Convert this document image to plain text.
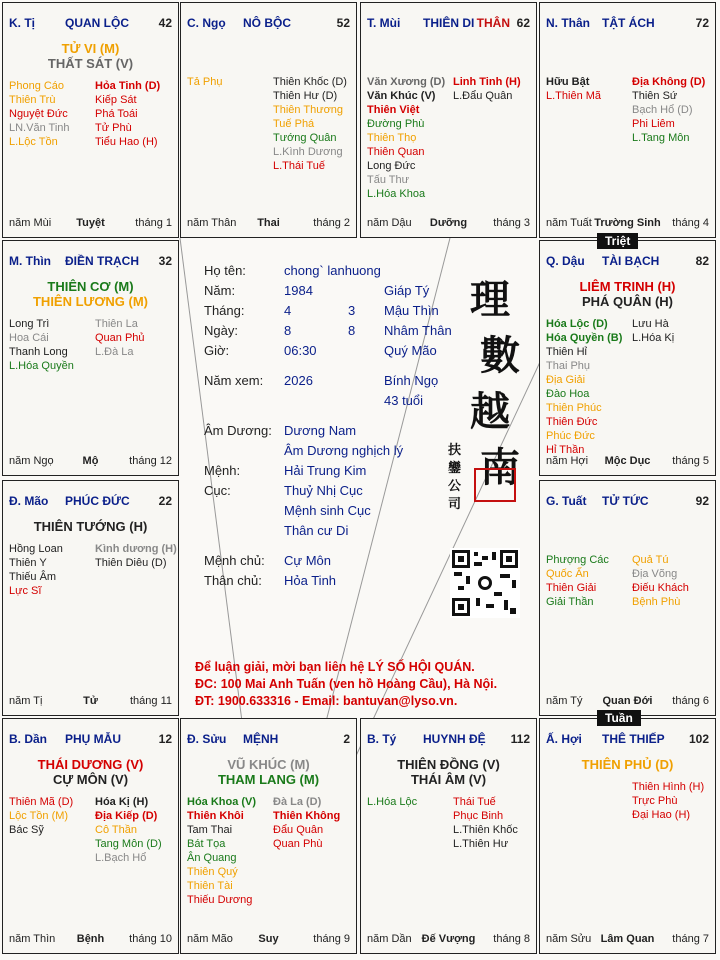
K. Tị	QUAN LỘC 42
TỬ VI (M)
THẤT SÁT (V)
Phong Cáo
Thiên Trù
Nguyệt Đức
LN.Văn Tinh
L.Lộc Tồn
Hỏa Tinh (D)
Kiếp Sát
Phá Toái
Tử Phù
Tiểu Hao (H)
năm Mùi	Tuyệt	tháng 1
C. Ngọ NÔ BỘC	52
Tả Phụ	Thiên Khốc (D)
Thiên Hư (D)
Thiên Thương
Tuế Phá
Tướng Quân
L.Kình Dương
L.Thái Tuế
năm Thân	Thai	tháng 2
T. Mùi THIÊN DI THÂN 62
Văn Xương (D)
Văn Khúc (V)
Thiên Việt
Đường Phù
Thiên Thọ
Thiên Quan
Long Đức
Tấu Thư
L.Hóa Khoa
Linh Tinh (H)
L.Đẩu Quân
năm Dậu	Dưỡng	tháng 3
N. Thân TẬT ÁCH	72
Hữu Bật
L.Thiên Mã
Địa Không (D)
Thiên Sứ
Bạch Hổ (D)
Phi Liêm
L.Tang Môn
năm Tuất Trường Sinh	tháng 4
M. Thìn ĐIỀN TRẠCH 32
THIÊN CƠ (M)
THIÊN LƯƠNG (M)
Long Trì
Hoa Cái
Thanh Long
L.Hóa Quyền
Thiên La
Quan Phủ
L.Đà La
năm Ngọ	Mộ	tháng 12
Q. Dậu TÀI BẠCH	82
LIÊM TRINH (H)
PHÁ QUÂN (H)
Hóa Lộc (D)
Hóa Quyền (B)
Thiên Hỉ
Thai Phụ
Địa Giải
Đào Hoa
Thiên Phúc
Thiên Đức
Phúc Đức
Hỉ Thần
Lưu Hà
L.Hóa Kị
năm Hợi	Mộc Dục	tháng 5
Đ. Mão PHÚC ĐỨC 22
THIÊN TƯỚNG (H)
Hồng Loan
Thiên Y
Thiếu Âm
Lực Sĩ
Kình dương (H)
Thiên Diêu (D)
năm Tị	Tử	tháng 11
G. Tuất TỬ TỨC	92
Phượng Các
Quốc Ấn
Thiên Giải
Giải Thần
Quả Tú
Địa Võng
Điếu Khách
Bệnh Phù
năm Tý	Quan Đới	tháng 6
B. Dần PHỤ MẪU	12
THÁI DƯƠNG (V)
CỰ MÔN (V)
Thiên Mã (D)
Lộc Tồn (M)
Bác Sỹ
Hóa Kị (H)
Địa Kiếp (D)
Cô Thần
Tang Môn (D)
L.Bạch Hổ
năm Thìn	Bệnh	tháng 10
Đ. Sửu MỆNH	2
VŨ KHÚC (M)
THAM LANG (M)
Hóa Khoa (V)
Thiên Khôi
Tam Thai
Bát Tọa
Ân Quang
Thiên Quý
Thiên Tài
Thiếu Dương
Đà La (D)
Thiên Không
Đẩu Quân
Quan Phù
năm Mão	Suy	tháng 9
B. Tý HUYNH ĐỆ 112
THIÊN ĐỒNG (V)
THÁI ÂM (V)
L.Hóa Lộc	Thái Tuế
Phục Binh
L.Thiên Khốc
L.Thiên Hư
năm Dần Đế Vượng	tháng 8
Ấ. Hợi THÊ THIẾP 102
THIÊN PHỦ (D)
Thiên Hình (H)
Trực Phù
Đại Hao (H)
năm Sửu Lâm Quan	tháng 7
Triệt
Tuần
Họ tên:	chong` lanhuong
Năm:	1984	Giáp Tý
Tháng:	4	3 Mậu Thìn
Ngày:	8	8 Nhâm Thân
Giờ:	06:30	Quý Mão
Năm xem: 2026	Bính Ngọ
43 tuổi
Âm Dương: Dương Nam
Âm Dương nghịch lý
Mệnh:	Hải Trung Kim
Cục:	Thuỷ Nhị Cục
Mệnh sinh Cục
Thân cư Di
Mệnh chủ: Cự Môn
Thân chủ: Hỏa Tinh
理
數
越
南
扶
鑾
公
司
Để luận giải, mời bạn liên hệ LÝ SỐ HỘI QUÁN.
ĐC: 100 Mai Anh Tuấn (ven hồ Hoàng Cầu), Hà Nội.
ĐT: 1900.633316 - Email: bantuvan@lyso.vn.
